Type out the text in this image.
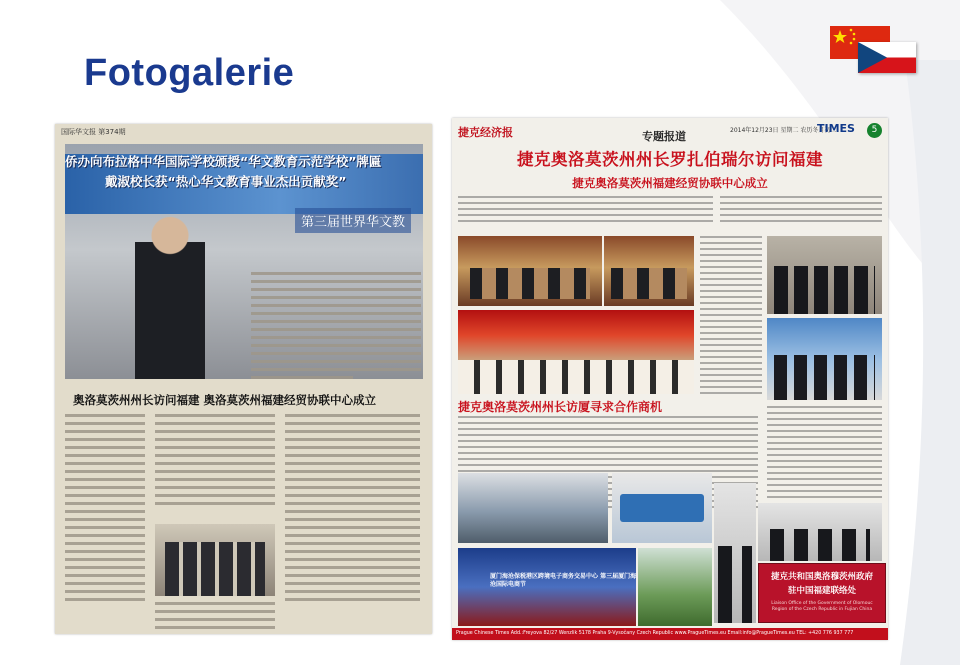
Fotogalerie
国际华文报 第374期
第三届世界华文教
侨办向布拉格中华国际学校颁授“华文教育示范学校”牌匾
戴淑校长获“热心华文教育事业杰出贡献奖”
奥洛莫茨州州长访问福建 奥洛莫茨州福建经贸协联中心成立
捷克经济报	专题报道	2014年12月23日 星期二 农历冬月初二
TIMES	5
捷克奥洛莫茨州州长罗扎伯瑞尔访问福建
捷克奥洛莫茨州福建经贸协联中心成立
捷克奥洛莫茨州州长访厦寻求合作商机
厦门海沧保税港区跨境电子商务交易中心 第三届厦门海沧国际电商节
捷克共和国奥洛穆茨州政府
驻中国福建联络处
Liaison Office of the Government of Olomouc Region of the Czech Republic in Fujian China
Prague Chinese Times Add.:Freyova 82/27 Wenzlik 5178 Praha 9-Vysočany Czech Republic www.PragueTimes.eu Email:info@PragueTimes.eu TEL: +420 776 937 777
